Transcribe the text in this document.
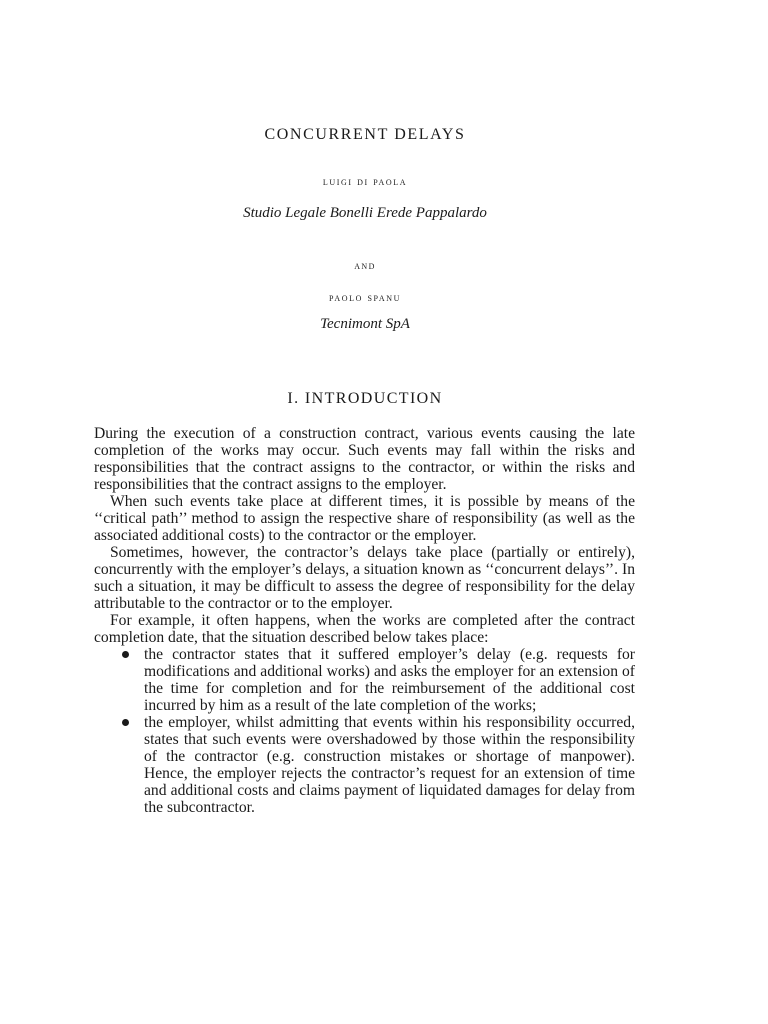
CONCURRENT DELAYS
luigi di paola
Studio Legale Bonelli Erede Pappalardo
and
paolo spanu
Tecnimont SpA
I. INTRODUCTION

During the execution of a construction contract, various events causing the late completion of the works may occur. Such events may fall within the risks and responsibilities that the contract assigns to the contractor, or within the risks and responsibilities that the contract assigns to the employer.

When such events take place at different times, it is possible by means of the ‘‘critical path’’ method to assign the respective share of responsibility (as well as the associated additional costs) to the contractor or the employer.

Sometimes, however, the contractor’s delays take place (partially or entirely), concurrently with the employer’s delays, a situation known as ‘‘concurrent delays’’. In such a situation, it may be difficult to assess the degree of responsibility for the delay attributable to the contractor or to the employer.

For example, it often happens, when the works are completed after the contract completion date, that the situation described below takes place:

the contractor states that it suffered employer’s delay (e.g. requests for modifications and additional works) and asks the employer for an extension of the time for completion and for the reimbursement of the additional cost incurred by him as a result of the late completion of the works;
the employer, whilst admitting that events within his responsibility occurred, states that such events were overshadowed by those within the responsibility of the contractor (e.g. construction mistakes or shortage of manpower). Hence, the employer rejects the contractor’s request for an extension of time and additional costs and claims payment of liquidated damages for delay from the subcontractor.
